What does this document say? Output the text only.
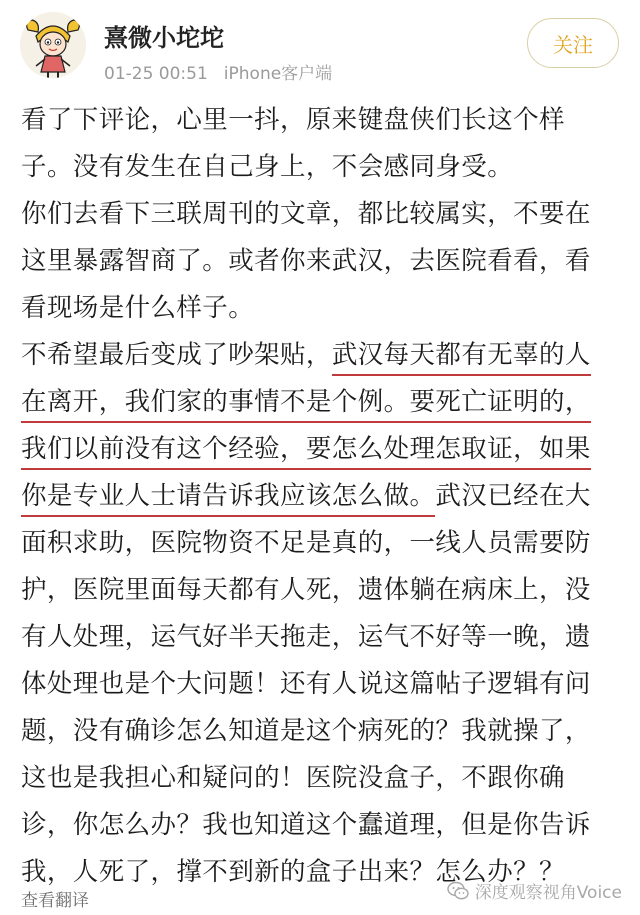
熹微小坨坨
01-25 00:51 iPhone客户端
关注
看了下评论，心里一抖，原来键盘侠们长这个样
子。没有发生在自己身上，不会感同身受。
你们去看下三联周刊的文章，都比较属实，不要在
这里暴露智商了。或者你来武汉，去医院看看，看
看现场是什么样子。
不希望最后变成了吵架贴，武汉每天都有无辜的人
在离开，我们家的事情不是个例。要死亡证明的，
我们以前没有这个经验，要怎么处理怎取证，如果
你是专业人士请告诉我应该怎么做。武汉已经在大
面积求助，医院物资不足是真的，一线人员需要防
护，医院里面每天都有人死，遗体躺在病床上，没
有人处理，运气好半天拖走，运气不好等一晚，遗
体处理也是个大问题！还有人说这篇帖子逻辑有问
题，没有确诊怎么知道是这个病死的？我就操了，
这也是我担心和疑问的！医院没盒子，不跟你确
诊，你怎么办？我也知道这个蠢道理，但是你告诉
我，人死了，撑不到新的盒子出来？怎么办？？
查看翻译	深度观察视角Voice
